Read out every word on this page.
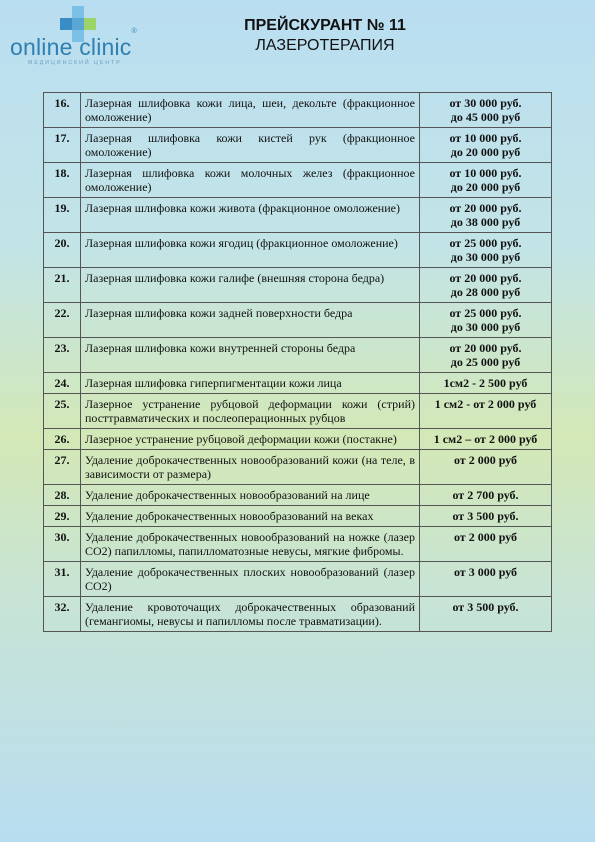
online clinic®
МЕДИЦИНСКИЙ ЦЕНТР
ПРЕЙСКУРАНТ № 11
ЛАЗЕРОТЕРАПИЯ
16.	Лазерная шлифовка кожи лица, шеи, декольте (фракционное омоложение)	от 30 000 руб.
до 45 000 руб

17.	Лазерная шлифовка кожи кистей рук (фракционное омоложение)	от 10 000 руб.
до 20 000 руб

18.	Лазерная шлифовка кожи молочных желез (фракционное омоложение)	от 10 000 руб.
до 20 000 руб

19.	Лазерная шлифовка кожи живота (фракционное омоложение)	от 20 000 руб.
до 38 000 руб

20.	Лазерная шлифовка кожи ягодиц (фракционное омоложение)	от 25 000 руб.
до 30 000 руб

21.	Лазерная шлифовка кожи галифе (внешняя сторона бедра)	от 20 000 руб.
до 28 000 руб

22.	Лазерная шлифовка кожи задней поверхности бедра	от 25 000 руб.
до 30 000 руб

23.	Лазерная шлифовка кожи внутренней стороны бедра	от 20 000 руб.
до 25 000 руб

24.	Лазерная шлифовка гиперпигментации кожи лица	1см2 - 2 500 руб

25.	Лазерное устранение рубцовой деформации кожи (стрий) посттравматических и послеоперационных рубцов	1 см2 - от 2 000 руб

26.	Лазерное устранение рубцовой деформации кожи (постакне)	1 см2 – от 2 000 руб

27.	Удаление доброкачественных новообразований кожи (на теле, в зависимости от размера)	от 2 000 руб

28.	Удаление доброкачественных новообразований на лице	от 2 700 руб.

29.	Удаление доброкачественных новообразований на веках	от 3 500 руб.

30.	Удаление доброкачественных новообразований на ножке (лазер СО2) папилломы, папилломатозные невусы, мягкие фибромы.	от 2 000 руб

31.	Удаление доброкачественных плоских новообразований (лазер СО2)	от 3 000 руб

32.	Удаление кровоточащих доброкачественных образований (гемангиомы, невусы и папилломы после травматизации).	от 3 500 руб.
